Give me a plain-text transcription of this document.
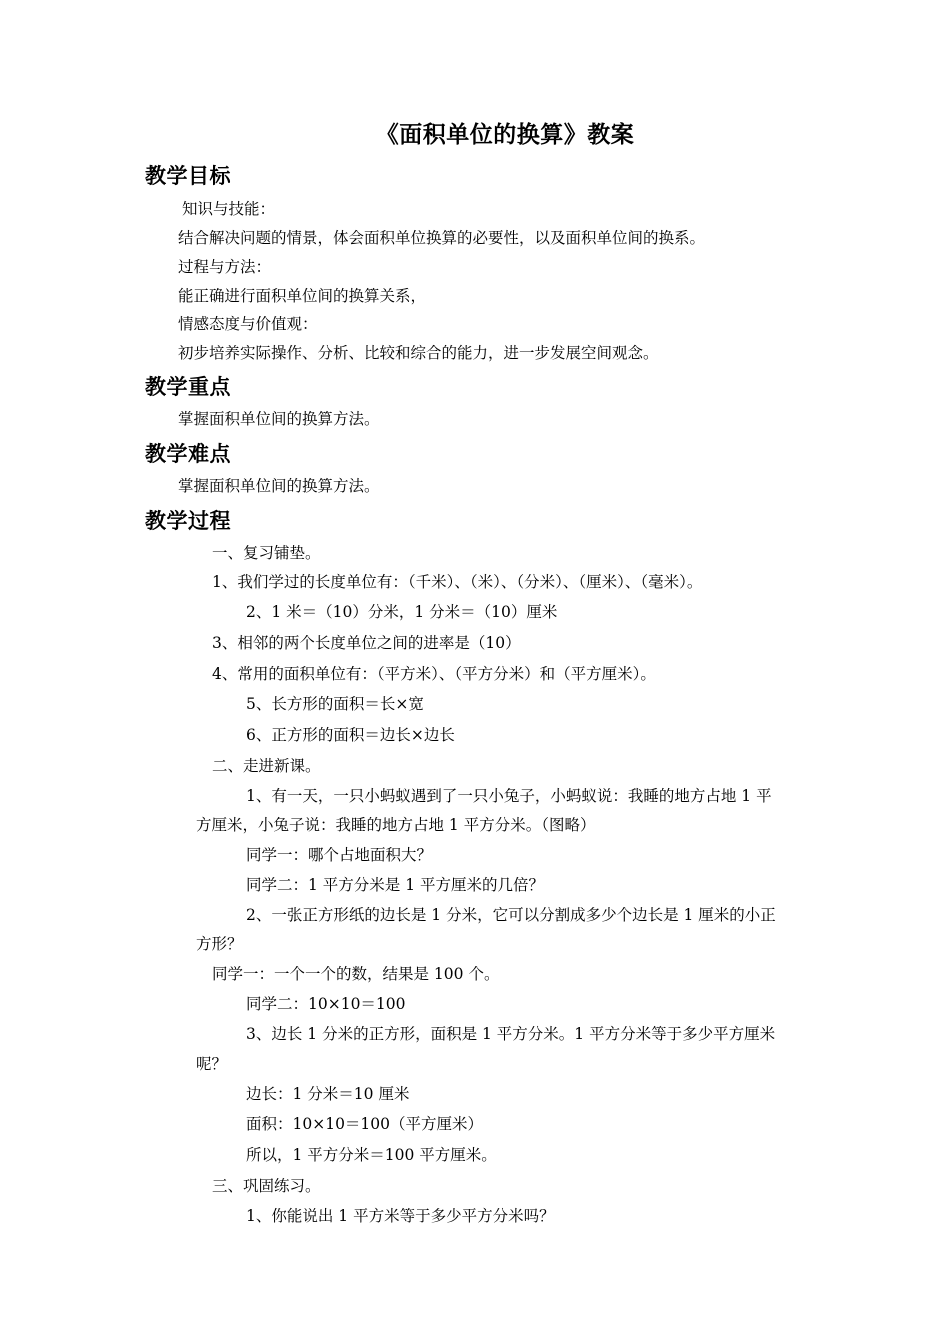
《面积单位的换算》教案
教学目标
知识与技能：
结合解决问题的情景，体会面积单位换算的必要性，以及面积单位间的换系。
过程与方法：
能正确进行面积单位间的换算关系，
情感态度与价值观：
初步培养实际操作、分析、比较和综合的能力，进一步发展空间观念。
教学重点
掌握面积单位间的换算方法。
教学难点
掌握面积单位间的换算方法。
教学过程
一、复习铺垫。
1、我们学过的长度单位有：（千米）、（米）、（分米）、（厘米）、（毫米）。
2、1 米＝（10）分米，1 分米＝（10）厘米
3、相邻的两个长度单位之间的进率是（10）
4、常用的面积单位有：（平方米）、（平方分米）和（平方厘米）。
5、长方形的面积＝长×宽
6、正方形的面积＝边长×边长
二、走进新课。
1、有一天，一只小蚂蚁遇到了一只小兔子，小蚂蚁说：我睡的地方占地 1 平
方厘米，小兔子说：我睡的地方占地 1 平方分米。（图略）
同学一：哪个占地面积大？
同学二：1 平方分米是 1 平方厘米的几倍？
2、一张正方形纸的边长是 1 分米，它可以分割成多少个边长是 1 厘米的小正
方形？
同学一：一个一个的数，结果是 100 个。
同学二：10×10＝100
3、边长 1 分米的正方形，面积是 1 平方分米。1 平方分米等于多少平方厘米
呢？
边长：1 分米＝10 厘米
面积：10×10＝100（平方厘米）
所以，1 平方分米＝100 平方厘米。
三、巩固练习。
1、你能说出 1 平方米等于多少平方分米吗？
